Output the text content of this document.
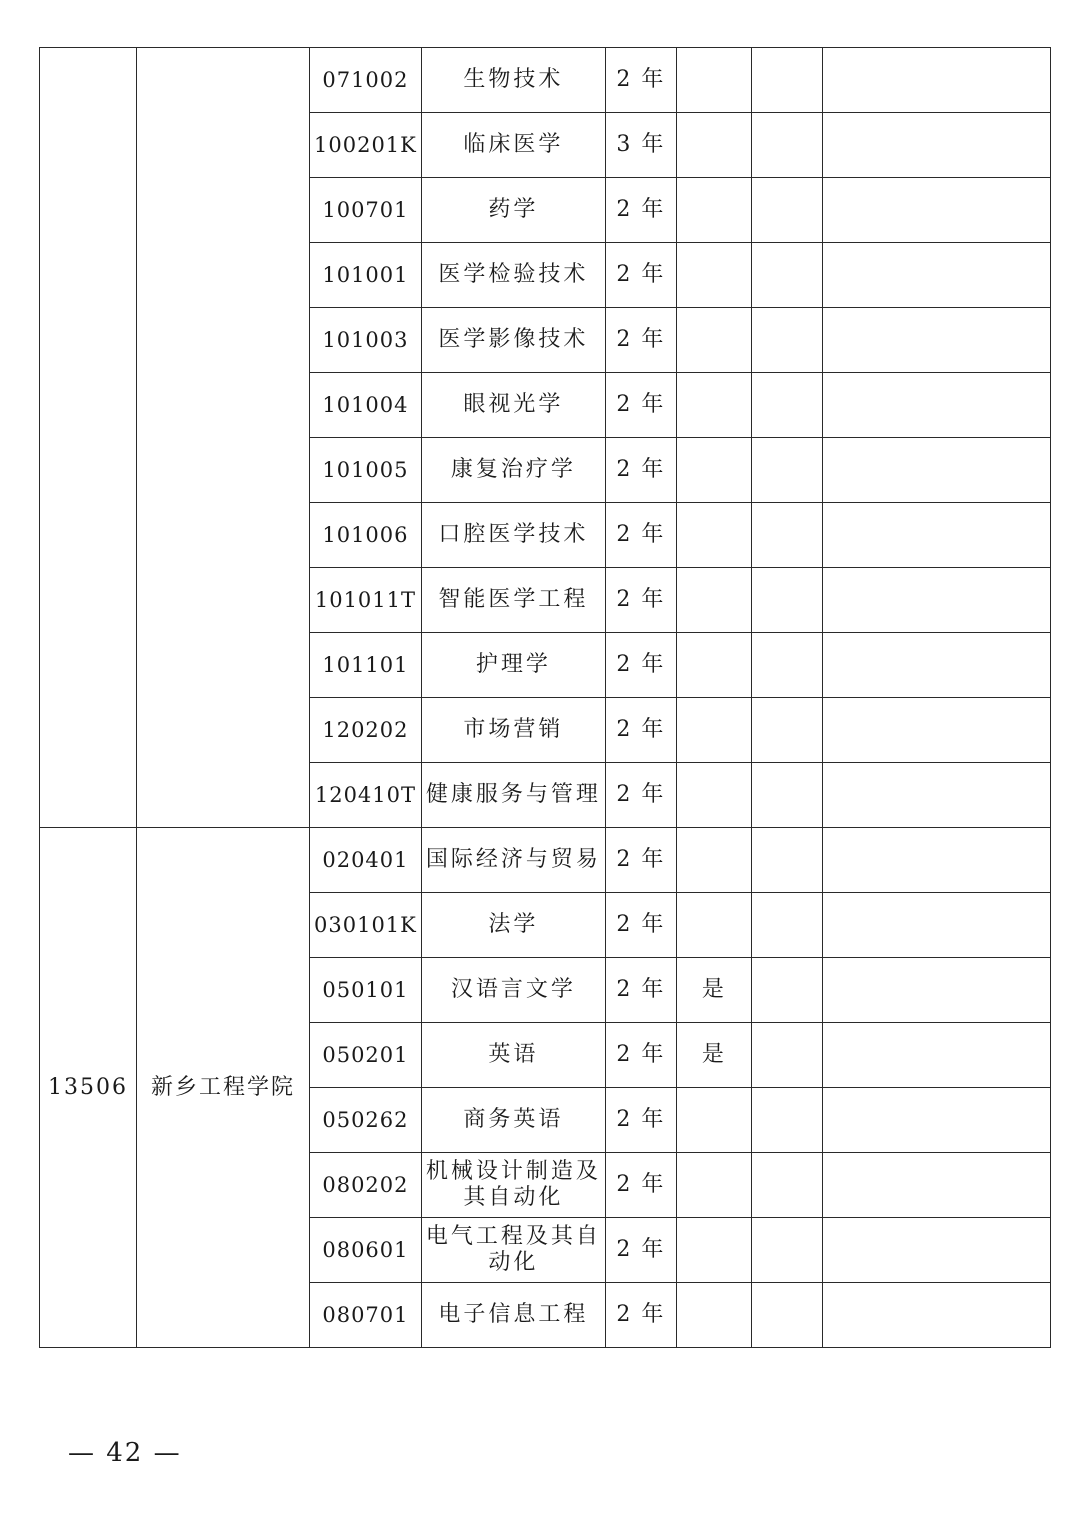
		071002	生物技术	2 年			
		100201K	临床医学	3 年			
		100701	药学	2 年			
		101001	医学检验技术	2 年			
		101003	医学影像技术	2 年			
		101004	眼视光学	2 年			
		101005	康复治疗学	2 年			
		101006	口腔医学技术	2 年			
		101011T	智能医学工程	2 年			
		101101	护理学	2 年			
		120202	市场营销	2 年			
		120410T	健康服务与管理	2 年			
13506	新乡工程学院	020401	国际经济与贸易	2 年			
		030101K	法学	2 年			
		050101	汉语言文学	2 年	是		
		050201	英语	2 年	是		
		050262	商务英语	2 年			
		080202	机械设计制造及其自动化	2 年			
		080601	电气工程及其自动化	2 年			
		080701	电子信息工程	2 年			
— 42 —
